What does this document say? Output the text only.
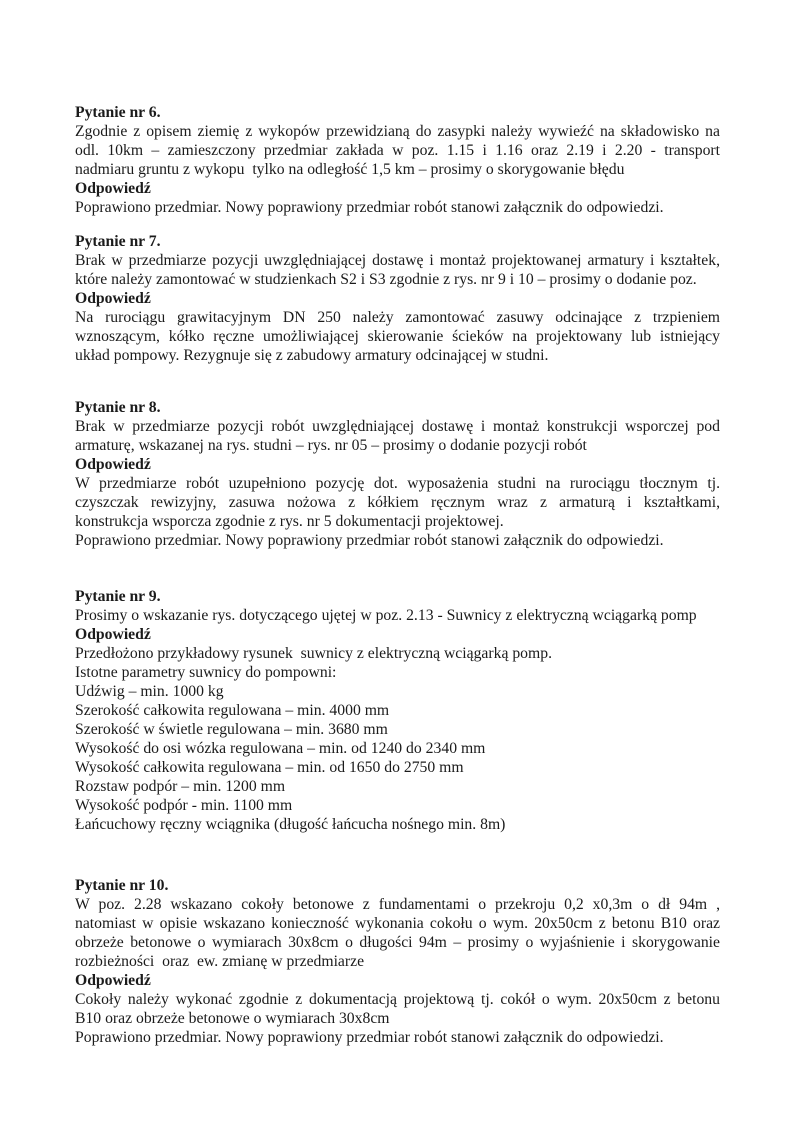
Pytanie nr 6.
Zgodnie z opisem ziemię z wykopów przewidzianą do zasypki należy wywieźć na składowisko na
odl. 10km – zamieszczony przedmiar zakłada w poz. 1.15 i 1.16 oraz 2.19 i 2.20 - transport
nadmiaru gruntu z wykopu  tylko na odległość 1,5 km – prosimy o skorygowanie błędu
Odpowiedź
Poprawiono przedmiar. Nowy poprawiony przedmiar robót stanowi załącznik do odpowiedzi.
Pytanie nr 7.
Brak w przedmiarze pozycji uwzględniającej dostawę i montaż projektowanej armatury i kształtek,
które należy zamontować w studzienkach S2 i S3 zgodnie z rys. nr 9 i 10 – prosimy o dodanie poz.
Odpowiedź
Na rurociągu grawitacyjnym DN 250 należy zamontować zasuwy odcinające z trzpieniem
wznoszącym, kółko ręczne umożliwiającej skierowanie ścieków na projektowany lub istniejący
układ pompowy. Rezygnuje się z zabudowy armatury odcinającej w studni.
Pytanie nr 8.
Brak w przedmiarze pozycji robót uwzględniającej dostawę i montaż konstrukcji wsporczej pod
armaturę, wskazanej na rys. studni – rys. nr 05 – prosimy o dodanie pozycji robót
Odpowiedź
W przedmiarze robót uzupełniono pozycję dot. wyposażenia studni na rurociągu tłocznym tj.
czyszczak rewizyjny, zasuwa nożowa z kółkiem ręcznym wraz z armaturą i kształtkami,
konstrukcja wsporcza zgodnie z rys. nr 5 dokumentacji projektowej.
Poprawiono przedmiar. Nowy poprawiony przedmiar robót stanowi załącznik do odpowiedzi.
Pytanie nr 9.
Prosimy o wskazanie rys. dotyczącego ujętej w poz. 2.13 - Suwnicy z elektryczną wciągarką pomp
Odpowiedź
Przedłożono przykładowy rysunek  suwnicy z elektryczną wciągarką pomp.
Istotne parametry suwnicy do pompowni:
Udźwig – min. 1000 kg
Szerokość całkowita regulowana – min. 4000 mm
Szerokość w świetle regulowana – min. 3680 mm
Wysokość do osi wózka regulowana – min. od 1240 do 2340 mm
Wysokość całkowita regulowana – min. od 1650 do 2750 mm
Rozstaw podpór – min. 1200 mm
Wysokość podpór - min. 1100 mm
Łańcuchowy ręczny wciągnika (długość łańcucha nośnego min. 8m)
Pytanie nr 10.
W poz. 2.28 wskazano cokoły betonowe z fundamentami o przekroju 0,2 x0,3m o dł 94m ,
natomiast w opisie wskazano konieczność wykonania cokołu o wym. 20x50cm z betonu B10 oraz
obrzeże betonowe o wymiarach 30x8cm o długości 94m – prosimy o wyjaśnienie i skorygowanie
rozbieżności  oraz  ew. zmianę w przedmiarze
Odpowiedź
Cokoły należy wykonać zgodnie z dokumentacją projektową tj. cokół o wym. 20x50cm z betonu
B10 oraz obrzeże betonowe o wymiarach 30x8cm
Poprawiono przedmiar. Nowy poprawiony przedmiar robót stanowi załącznik do odpowiedzi.
